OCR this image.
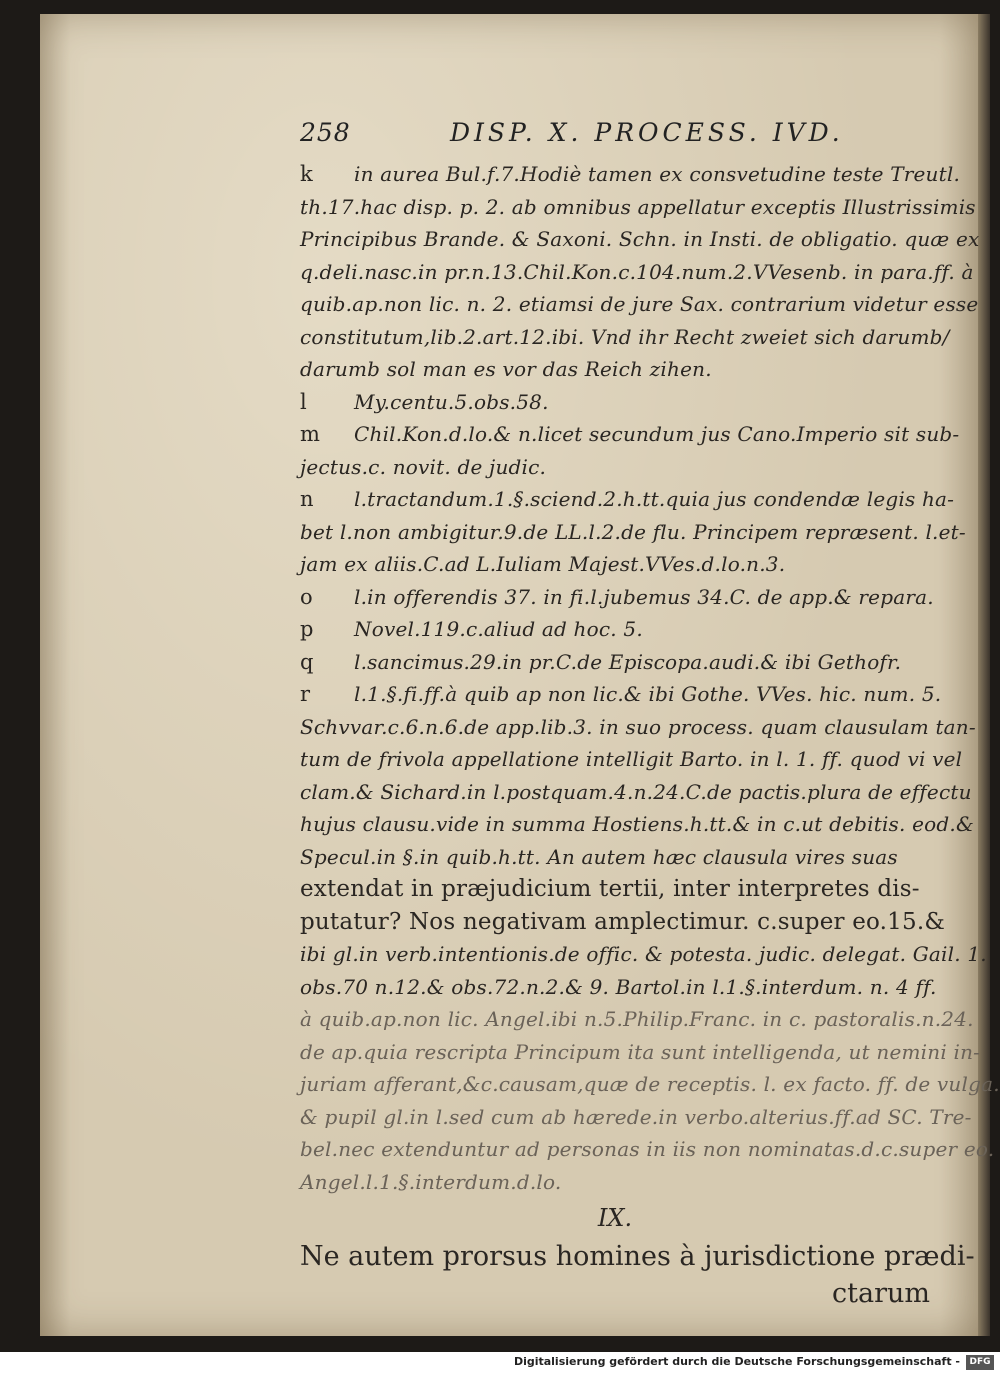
258	DISP. X. PROCESS. IVD.
k in aurea Bul.f.7.Hodiè tamen ex consvetudine teste Treutl.
th.17.hac disp. p. 2. ab omnibus appellatur exceptis Illustrissimis
Principibus Brande. & Saxoni. Schn. in Insti. de obligatio. quæ ex
q.deli.nasc.in pr.n.13.Chil.Kon.c.104.num.2.VVesenb. in para.ff. à
quib.ap.non lic. n. 2. etiamsi de jure Sax. contrarium videtur esse
constitutum,lib.2.art.12.ibi. Vnd ihr Recht zweiet sich darumb/
darumb sol man es vor das Reich zihen.
l My.centu.5.obs.58.
m Chil.Kon.d.lo.& n.licet secundum jus Cano.Imperio sit sub-
jectus.c. novit. de judic.
n l.tractandum.1.§.sciend.2.h.tt.quia jus condendæ legis ha-
bet l.non ambigitur.9.de LL.l.2.de flu. Principem repræsent. l.et-
jam ex aliis.C.ad L.Iuliam Majest.VVes.d.lo.n.3.
o l.in offerendis 37. in fi.l.jubemus 34.C. de app.& repara.
p Novel.119.c.aliud ad hoc. 5.
q l.sancimus.29.in pr.C.de Episcopa.audi.& ibi Gethofr.
r l.1.§.fi.ff.à quib ap non lic.& ibi Gothe. VVes. hic. num. 5.
Schvvar.c.6.n.6.de app.lib.3. in suo process. quam clausulam tan-
tum de frivola appellatione intelligit Barto. in l. 1. ff. quod vi vel
clam.& Sichard.in l.postquam.4.n.24.C.de pactis.plura de effectu
hujus clausu.vide in summa Hostiens.h.tt.& in c.ut debitis. eod.&
Specul.in §.in quib.h.tt. An autem hæc clausula vires suas
extendat in præjudicium tertii, inter interpretes dis-
putatur? Nos negativam amplectimur. c.super eo.15.&
ibi gl.in verb.intentionis.de offic. & potesta. judic. delegat. Gail. 1.
obs.70 n.12.& obs.72.n.2.& 9. Bartol.in l.1.§.interdum. n. 4 ff.
à quib.ap.non lic. Angel.ibi n.5.Philip.Franc. in c. pastoralis.n.24.
de ap.quia rescripta Principum ita sunt intelligenda, ut nemini in-
juriam afferant,&c.causam,quæ de receptis. l. ex facto. ff. de vulga.
& pupil gl.in l.sed cum ab hærede.in verbo.alterius.ff.ad SC. Tre-
bel.nec extenduntur ad personas in iis non nominatas.d.c.super eo.
Angel.l.1.§.interdum.d.lo.
IX.
Ne autem prorsus homines à jurisdictione prædi-
ctarum
Digitalisierung gefördert durch die Deutsche Forschungsgemeinschaft -	DFG
